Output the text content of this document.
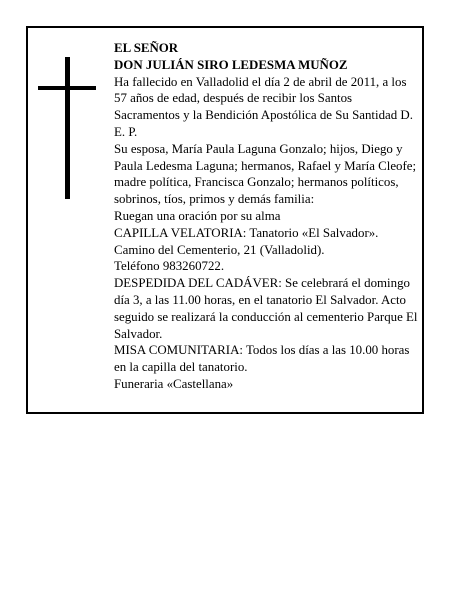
EL SEÑOR

DON JULIÁN SIRO LEDESMA MUÑOZ

Ha fallecido en Valladolid el día 2 de abril de 2011, a los 57 años de edad, después de recibir los Santos Sacramentos y la Bendición Apostólica de Su Santidad D. E. P.

Su esposa, María Paula Laguna Gonzalo; hijos, Diego y Paula Ledesma Laguna; hermanos, Rafael y María Cleofe; madre política, Francisca Gonzalo; hermanos políticos, sobrinos, tíos, primos y demás familia:

Ruegan una oración por su alma

CAPILLA VELATORIA: Tanatorio «El Salvador». Camino del Cementerio, 21 (Valladolid).

Teléfono 983260722.

DESPEDIDA DEL CADÁVER: Se celebrará el domingo día 3, a las 11.00 horas, en el tanatorio El Salvador. Acto seguido se realizará la conducción al cementerio Parque El Salvador.

MISA COMUNITARIA: Todos los días a las 10.00 horas en la capilla del tanatorio.

Funeraria «Castellana»
